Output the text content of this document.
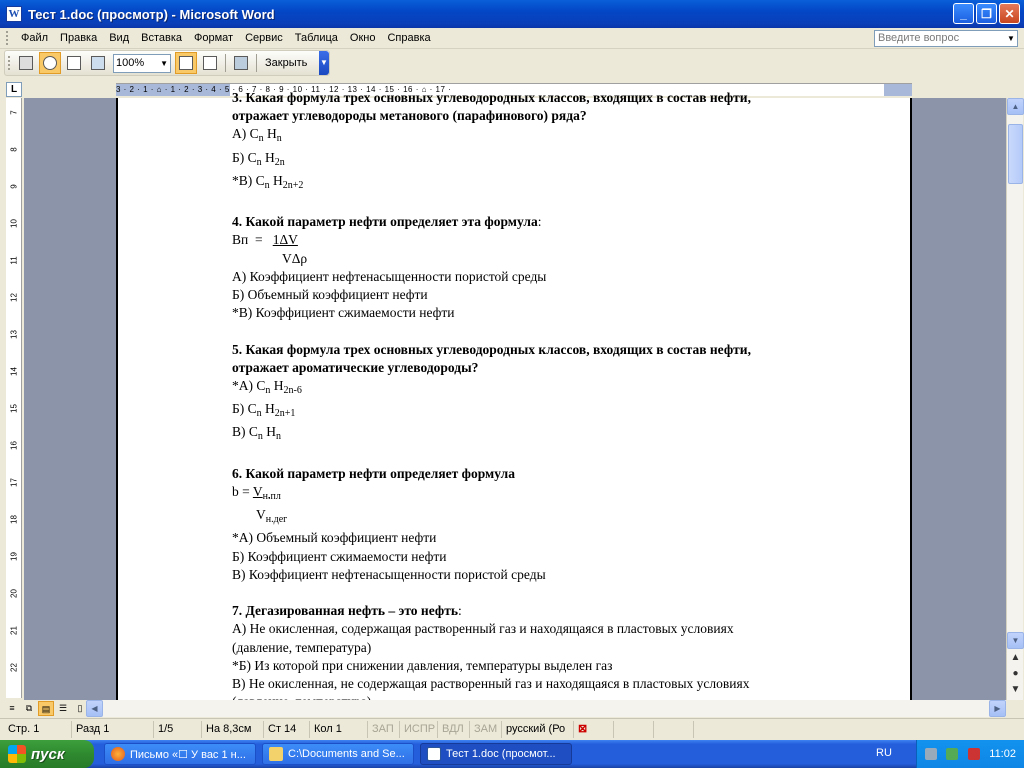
W Тест 1.doc (просмотр) - Microsoft Word	_	❐	✕
Файл	Правка	Вид	Вставка	Формат	Сервис	Таблица	Окно	Справка	Введите вопрос	▼
100% ▼	Закрыть	▼
L	3 · 2 · 1 · ⌂ · 1 · 2 · 3 · 4 · 5 · 6 · 7 · 8 · 9 · 10 · 11 · 12 · 13 · 14 · 15 · 16 · ⌂ · 17 ·
7
8
9
10
11
12
13
14
15
16
17
18
19
20
21
22
3. Какая формула трех основных углеводородных классов, входящих в состав нефти,
отражает углеводороды метанового (парафинового) ряда?
А) $C_n$ $H_n$
Б) $C_n$ $H_{2n}$
*В) $C_n$ $H_{2n+2}$
4. Какой параметр нефти определяет эта формула:
Вп  =   1ΔV
VΔρ
А) Коэффициент нефтенасыщенности пористой среды
Б) Объемный коэффициент нефти
*В) Коэффициент сжимаемости нефти
5. Какая формула трех основных углеводородных классов, входящих в состав нефти,
отражает ароматические углеводороды?
*А) $C_n$ $H_{2n-6}$
Б) $C_n$ $H_{2n+1}$
В) $C_n$ $H_n$
6. Какой параметр нефти определяет формула
$b = V_{н.пл}$
$V_{н.дег}$
*А) Объемный коэффициент нефти
Б) Коэффициент сжимаемости нефти
В) Коэффициент нефтенасыщенности пористой среды
7. Дегазированная нефть – это нефть:
А) Не окисленная, содержащая растворенный газ и находящаяся в пластовых условиях
(давление, температура)
*Б) Из которой при снижении давления, температуры выделен газ
В) Не окисленная, не содержащая растворенный газ и находящаяся в пластовых условиях
▲
▼
▲
●
▼
≡	⧉	▤ ☰	▯	◀	▶
Стр. 1	Разд 1	1/5	На 8,3см	Ст 14	Кол 1	ЗАП ИСПР ВДЛ ЗАМ русский (Ро	⊠
пуск	Письмо «☐ У вас 1 н...	C:\Documents and Se...	Тест 1.doc (просмот...	11:02
RU
